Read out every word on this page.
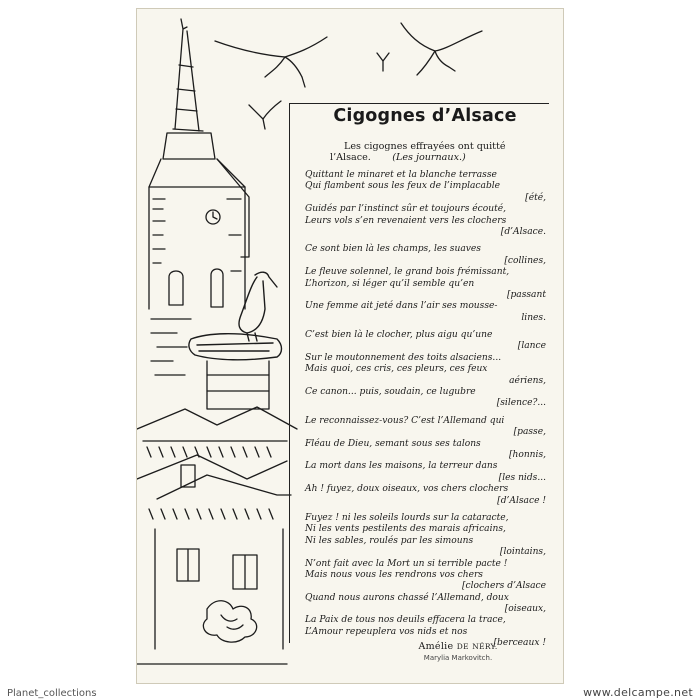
Cigognes d’Alsace
Les cigognes effrayées ont quitté
l’Alsace. (Les journaux.)
Quittant le minaret et la blanche terrasse
Qui flambent sous les feux de l’implacable
[été,
Guidés par l’instinct sûr et toujours écouté,
Leurs vols s’en revenaient vers les clochers
[d’Alsace.
Ce sont bien là les champs, les suaves
[collines,
Le fleuve solennel, le grand bois frémissant,
L’horizon, si léger qu’il semble qu’en
[passant
Une femme ait jeté dans l’air ses mousse-
lines.
C’est bien là le clocher, plus aigu qu’une
[lance
Sur le moutonnement des toits alsaciens...
Mais quoi, ces cris, ces pleurs, ces feux
aériens,
Ce canon... puis, soudain, ce lugubre
[silence?...
Le reconnaissez-vous? C’est l’Allemand qui
[passe,
Fléau de Dieu, semant sous ses talons
[honnis,
La mort dans les maisons, la terreur dans
[les nids...
Ah ! fuyez, doux oiseaux, vos chers clochers
[d’Alsace !
Fuyez ! ni les soleils lourds sur la cataracte,
Ni les vents pestilents des marais africains,
Ni les sables, roulés par les simouns
[lointains,
N’ont fait avec la Mort un si terrible pacte !
Mais nous vous les rendrons vos chers
[clochers d’Alsace
Quand nous aurons chassé l’Allemand, doux
[oiseaux,
La Paix de tous nos deuils effacera la trace,
L’Amour repeuplera vos nids et nos
[berceaux !
Amélie DE NÉRY.
Marylia Markovitch.
Planet_collections	www.delcampe.net
